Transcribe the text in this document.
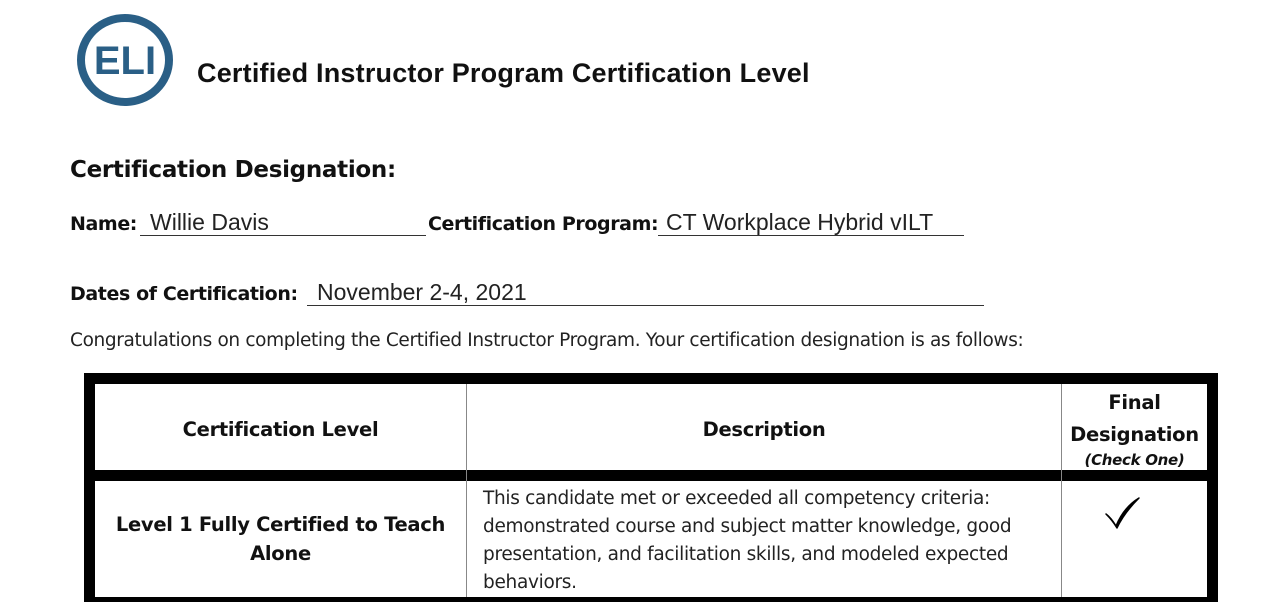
ELI Certified Instructor Program Certification Level
Certification Designation:
Name: Willie Davis	Certification Program: CT Workplace Hybrid vILT
Dates of Certification: November 2-4, 2021
Congratulations on completing the Certified Instructor Program. Your certification designation is as follows:
Certification Level	Description
Final
Designation
(Check One)
Level 1 Fully Certified to Teach
Alone
This candidate met or exceeded all competency criteria:
demonstrated course and subject matter knowledge, good
presentation, and facilitation skills, and modeled expected
behaviors.
